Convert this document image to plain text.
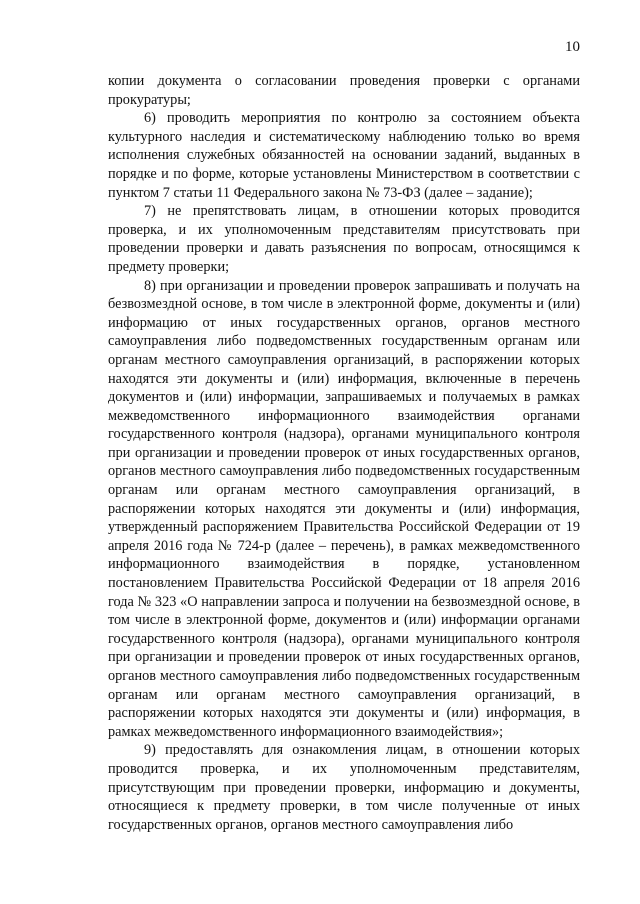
10

копии документа о согласовании проведения проверки с органами прокуратуры;

6) проводить мероприятия по контролю за состоянием объекта культурного наследия и систематическому наблюдению только во время исполнения служебных обязанностей на основании заданий, выданных в порядке и по форме, которые установлены Министерством в соответствии с пунктом 7 статьи 11 Федерального закона № 73-ФЗ (далее – задание);

7) не препятствовать лицам, в отношении которых проводится проверка, и их уполномоченным представителям присутствовать при проведении проверки и давать разъяснения по вопросам, относящимся к предмету проверки;

8) при организации и проведении проверок запрашивать и получать на безвозмездной основе, в том числе в электронной форме, документы и (или) информацию от иных государственных органов, органов местного самоуправления либо подведомственных государственным органам или органам местного самоуправления организаций, в распоряжении которых находятся эти документы и (или) информация, включенные в перечень документов и (или) информации, запрашиваемых и получаемых в рамках межведомственного информационного взаимодействия органами государственного контроля (надзора), органами муниципального контроля при организации и проведении проверок от иных государственных органов, органов местного самоуправления либо подведомственных государственным органам или органам местного самоуправления организаций, в распоряжении которых находятся эти документы и (или) информация, утвержденный распоряжением Правительства Российской Федерации от 19 апреля 2016 года № 724-р (далее – перечень), в рамках межведомственного информационного взаимодействия в порядке, установленном постановлением Правительства Российской Федерации от 18 апреля 2016 года № 323 «О направлении запроса и получении на безвозмездной основе, в том числе в электронной форме, документов и (или) информации органами государственного контроля (надзора), органами муниципального контроля при организации и проведении проверок от иных государственных органов, органов местного самоуправления либо подведомственных государственным органам или органам местного самоуправления организаций, в распоряжении которых находятся эти документы и (или) информация, в рамках межведомственного информационного взаимодействия»;

9) предоставлять для ознакомления лицам, в отношении которых проводится проверка, и их уполномоченным представителям, присутствующим при проведении проверки, информацию и документы, относящиеся к предмету проверки, в том числе полученные от иных государственных органов, органов местного самоуправления либо
